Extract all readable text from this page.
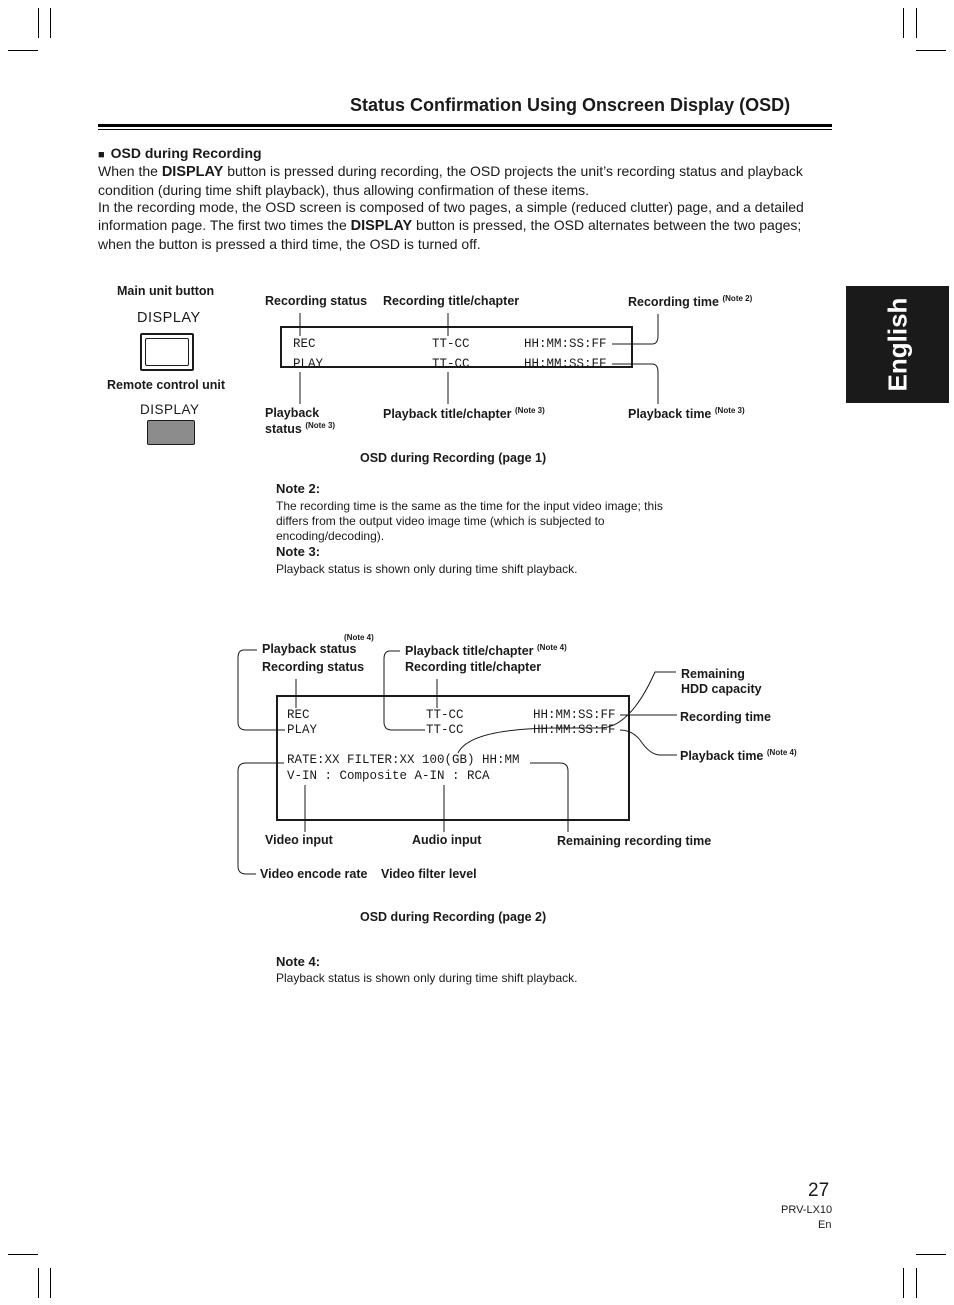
Status Confirmation Using Onscreen Display (OSD)
English
■ OSD during Recording
When the DISPLAY button is pressed during recording, the OSD projects the unit’s recording status and playback condition (during time shift playback), thus allowing confirmation of these items.
In the recording mode, the OSD screen is composed of two pages, a simple (reduced clutter) page, and a detailed information page. The first two times the DISPLAY button is pressed, the OSD alternates between the two pages; when the button is pressed a third time, the OSD is turned off.
Main unit button
DISPLAY
Remote control unit
DISPLAY
Recording status Recording title/chapter	Recording time $^{(Note 2)}$
REC	TT-CC	HH:MM:SS:FF
PLAY	TT-CC	HH:MM:SS:FF
Playback
status $^{(Note 3)}$
Playback title/chapter $^{(Note 3)}$	Playback time $^{(Note 3)}$
OSD during Recording (page 1)
Note 2:
The recording time is the same as the time for the input video image; this differs from the output video image time (which is subjected to encoding/decoding).
Note 3:
Playback status is shown only during time shift playback.
(Note 4)
Playback status
Recording status
Playback title/chapter $^{(Note 4)}$
Recording title/chapter	Remaining
HDD capacity
Recording time
Playback time $^{(Note 4)}$
REC	TT-CC	HH:MM:SS:FF
PLAY	TT-CC	HH:MM:SS:FF
RATE:XX FILTER:XX 100(GB) HH:MM
V-IN : Composite A-IN : RCA
Video input	Audio input	Remaining recording time
Video encode rate Video filter level
OSD during Recording (page 2)
Note 4:
Playback status is shown only during time shift playback.
27
PRV-LX10
En
